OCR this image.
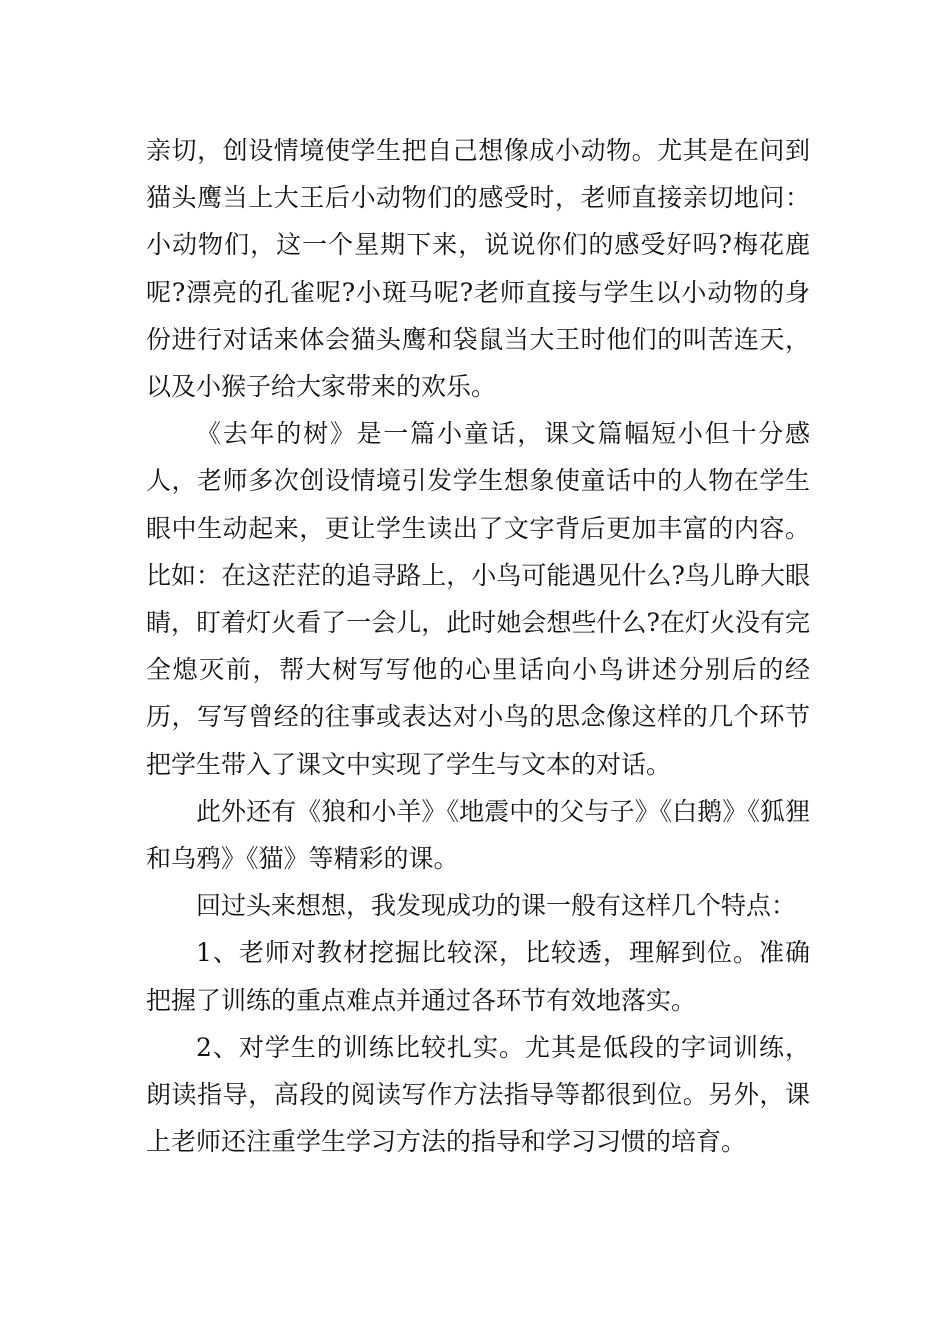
亲切，创设情境使学生把自己想像成小动物。尤其是在问到猫头鹰当上大王后小动物们的感受时，老师直接亲切地问：小动物们，这一个星期下来，说说你们的感受好吗?梅花鹿呢?漂亮的孔雀呢?小斑马呢?老师直接与学生以小动物的身份进行对话来体会猫头鹰和袋鼠当大王时他们的叫苦连天，以及小猴子给大家带来的欢乐。

《去年的树》是一篇小童话，课文篇幅短小但十分感人，老师多次创设情境引发学生想象使童话中的人物在学生眼中生动起来，更让学生读出了文字背后更加丰富的内容。比如：在这茫茫的追寻路上，小鸟可能遇见什么?鸟儿睁大眼睛，盯着灯火看了一会儿，此时她会想些什么?在灯火没有完全熄灭前，帮大树写写他的心里话向小鸟讲述分别后的经历，写写曾经的往事或表达对小鸟的思念像这样的几个环节把学生带入了课文中实现了学生与文本的对话。

此外还有《狼和小羊》《地震中的父与子》《白鹅》《狐狸和乌鸦》《猫》等精彩的课。

回过头来想想，我发现成功的课一般有这样几个特点：

1、老师对教材挖掘比较深，比较透，理解到位。准确把握了训练的重点难点并通过各环节有效地落实。

2、对学生的训练比较扎实。尤其是低段的字词训练，朗读指导，高段的阅读写作方法指导等都很到位。另外，课上老师还注重学生学习方法的指导和学习习惯的培育。
